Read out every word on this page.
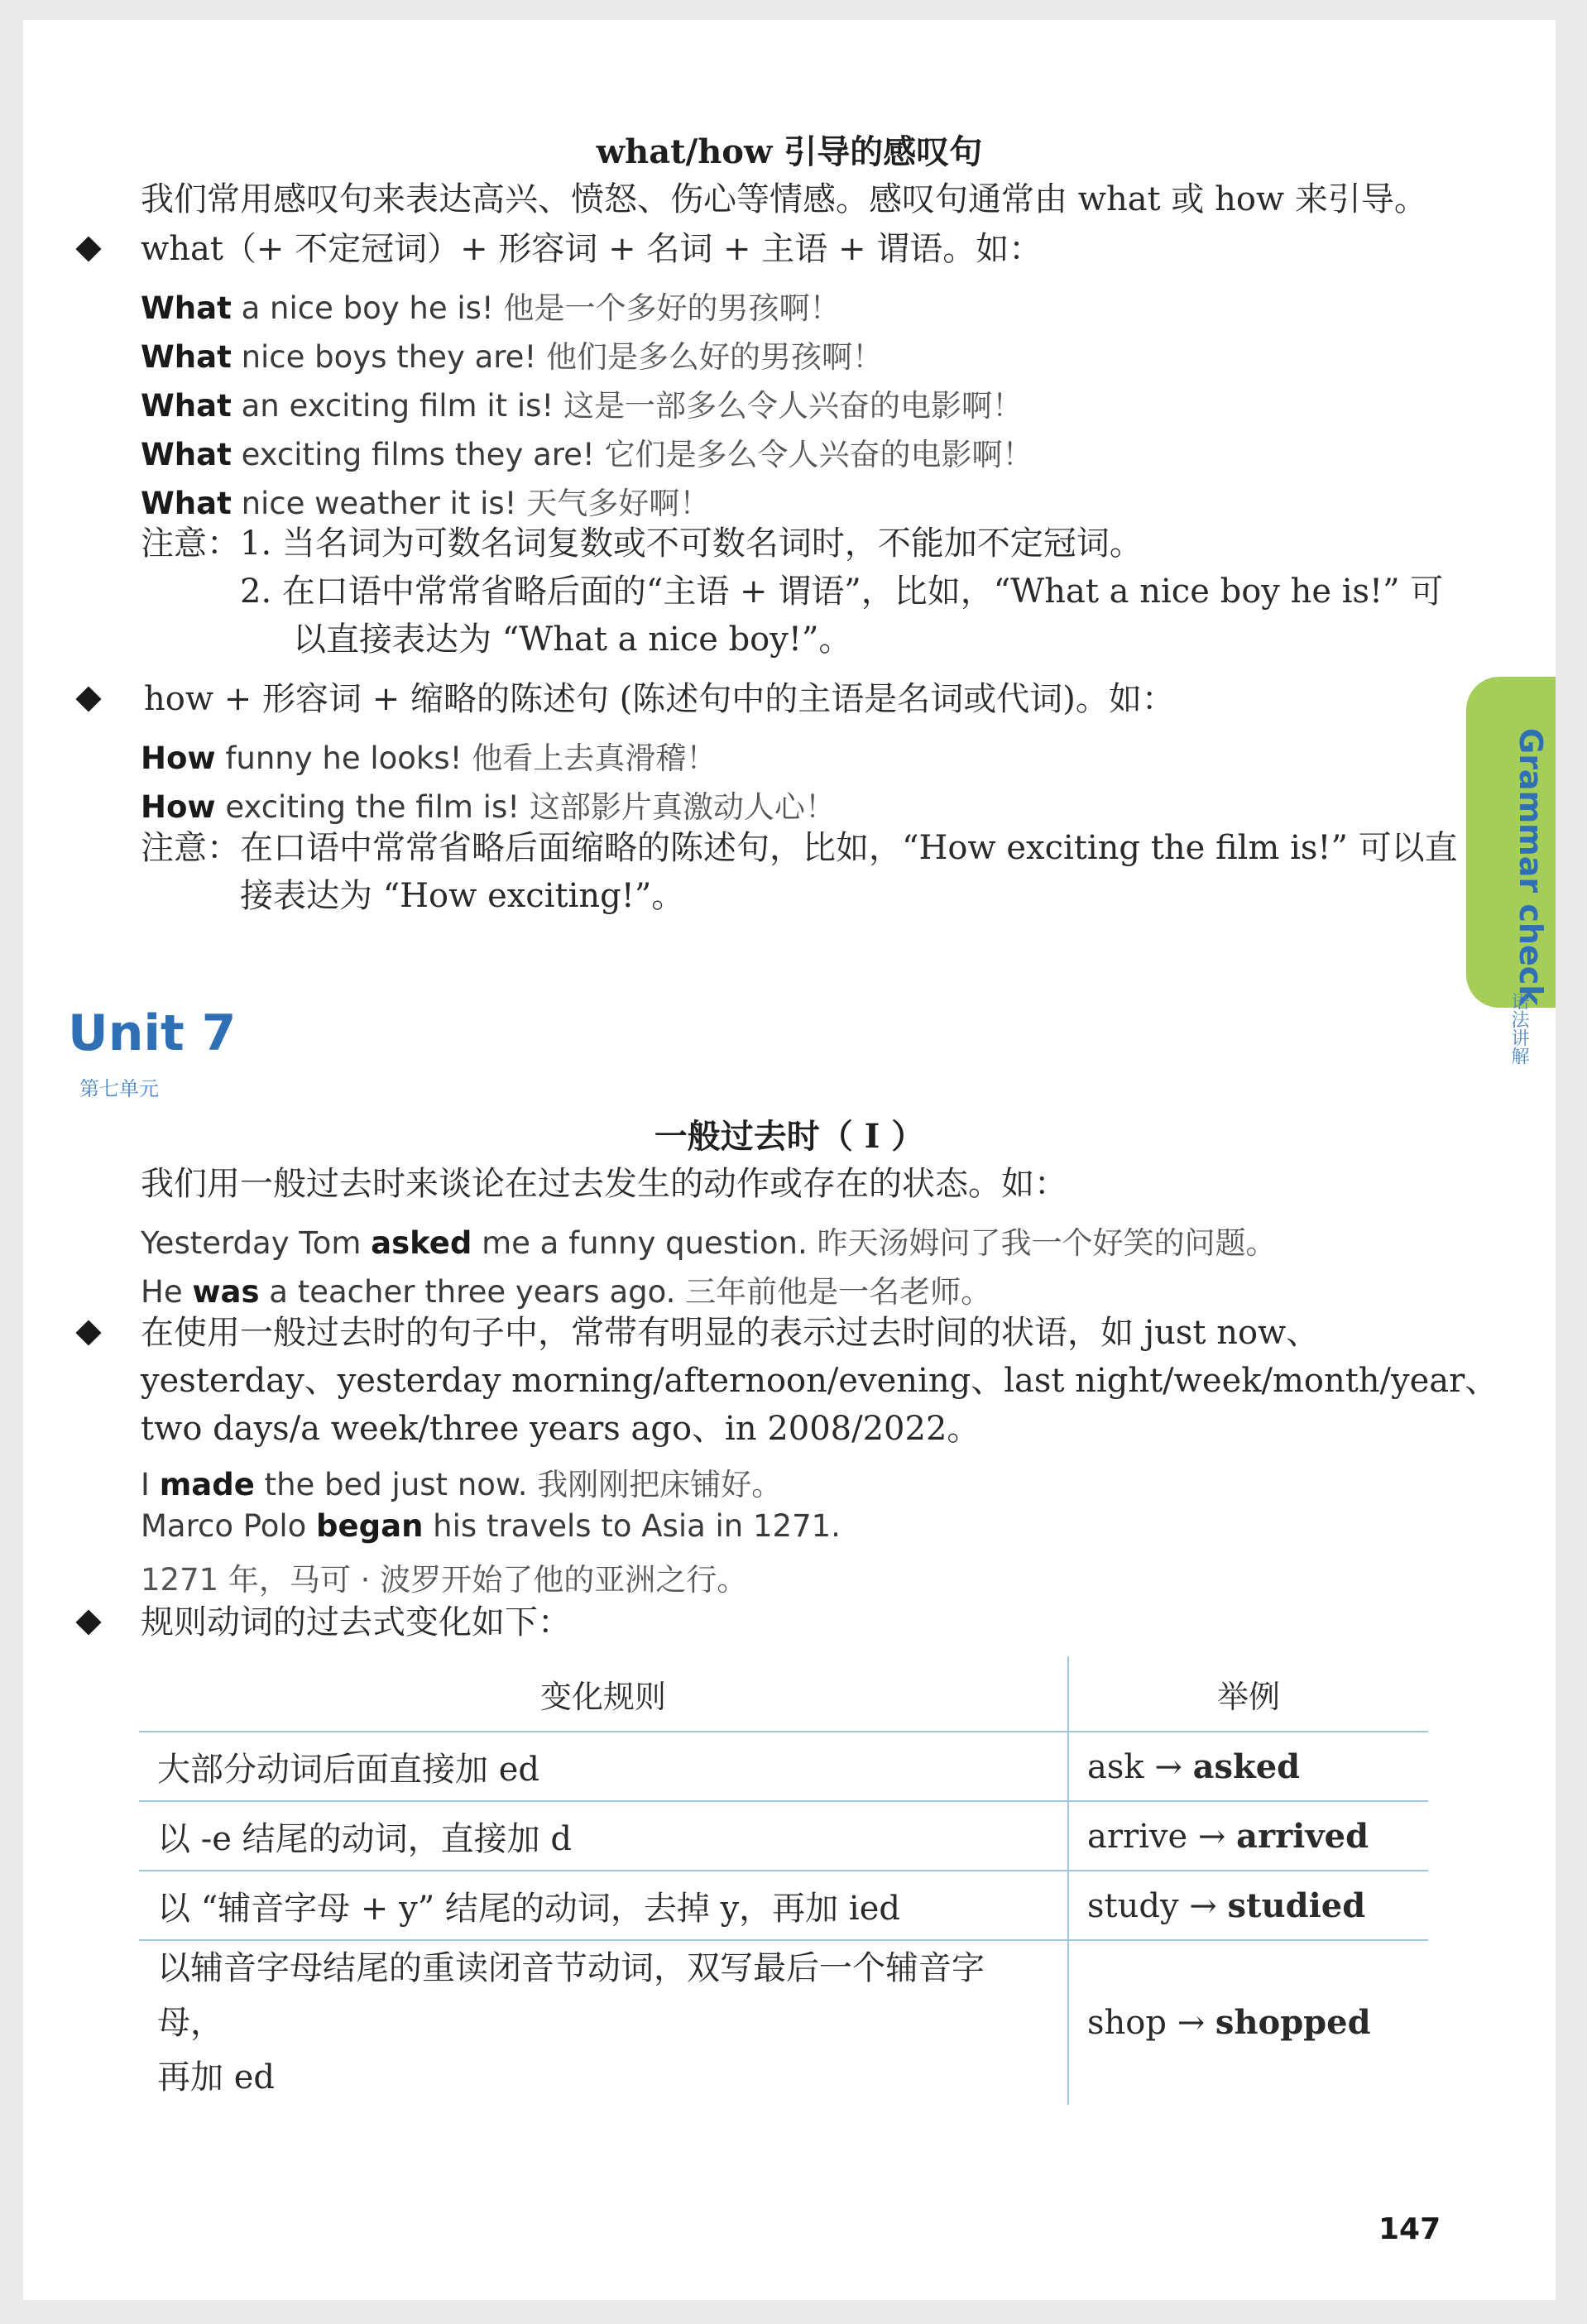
what/how 引导的感叹句
我们常用感叹句来表达高兴、愤怒、伤心等情感。感叹句通常由 what 或 how 来引导。
what（+ 不定冠词）+ 形容词 + 名词 + 主语 + 谓语。如：
What a nice boy he is! 他是一个多好的男孩啊！
What nice boys they are! 他们是多么好的男孩啊！
What an exciting film it is! 这是一部多么令人兴奋的电影啊！
What exciting films they are! 它们是多么令人兴奋的电影啊！
What nice weather it is! 天气多好啊！
注意： 1. 当名词为可数名词复数或不可数名词时，不能加不定冠词。
2. 在口语中常常省略后面的“主语 + 谓语”，比如，“What a nice boy he is!” 可
以直接表达为 “What a nice boy!”。
how + 形容词 + 缩略的陈述句 (陈述句中的主语是名词或代词)。如：
How funny he looks! 他看上去真滑稽！
How exciting the film is! 这部影片真激动人心！
注意： 在口语中常常省略后面缩略的陈述句，比如，“How exciting the film is!” 可以直
接表达为 “How exciting!”。	Grammar check
语法讲解
Unit 7
第七单元
一般过去时（ I ）
我们用一般过去时来谈论在过去发生的动作或存在的状态。如：
Yesterday Tom asked me a funny question. 昨天汤姆问了我一个好笑的问题。
He was a teacher three years ago. 三年前他是一名老师。
在使用一般过去时的句子中，常带有明显的表示过去时间的状语，如 just now、
yesterday、yesterday morning/afternoon/evening、last night/week/month/year、
two days/a week/three years ago、in 2008/2022。
I made the bed just now. 我刚刚把床铺好。
Marco Polo began his travels to Asia in 1271.
1271 年，马可 · 波罗开始了他的亚洲之行。
规则动词的过去式变化如下：
变化规则	举例
大部分动词后面直接加 ed	ask → asked
以 -e 结尾的动词，直接加 d	arrive → arrived
以 “辅音字母 + y” 结尾的动词，去掉 y，再加 ied	study → studied
以辅音字母结尾的重读闭音节动词，双写最后一个辅音字母，
再加 ed	shop → shopped
147
